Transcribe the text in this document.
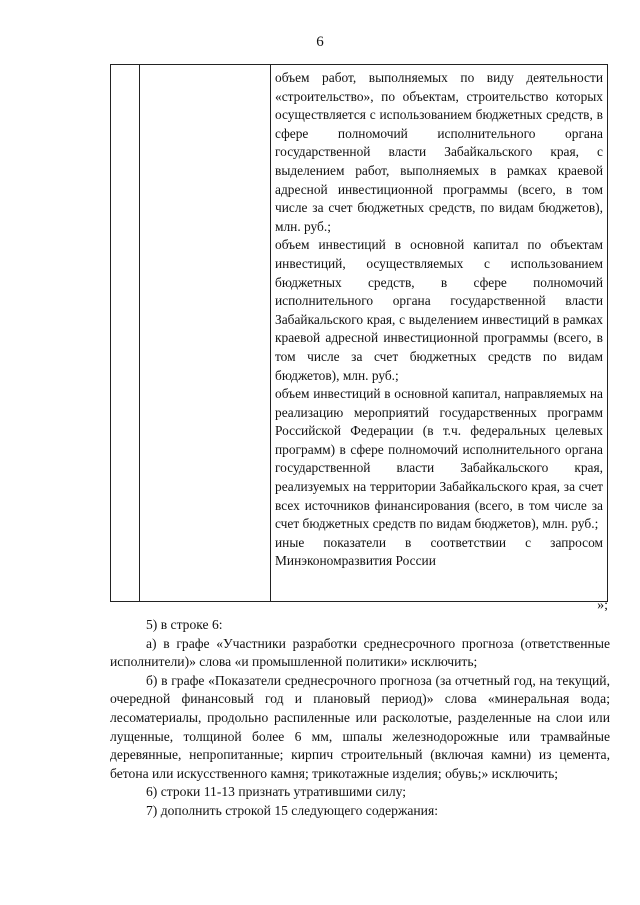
6

объем работ, выполняемых по виду деятельности «строительство», по объектам, строительство которых осуществляется с использованием бюджетных средств, в сфере полномочий исполнительного органа государственной власти Забайкальского края, с выделением работ, выполняемых в рамках краевой адресной инвестиционной программы (всего, в том числе за счет бюджетных средств, по видам бюджетов), млн. руб.;

объем инвестиций в основной капитал по объектам инвестиций, осуществляемых с использованием бюджетных средств, в сфере полномочий исполнительного органа государственной власти Забайкальского края, с выделением инвестиций в рамках краевой адресной инвестиционной программы (всего, в том числе за счет бюджетных средств по видам бюджетов), млн. руб.;

объем инвестиций в основной капитал, направляемых на реализацию мероприятий государственных программ Российской Федерации (в т.ч. федеральных целевых программ) в сфере полномочий исполнительного органа государственной власти Забайкальского края, реализуемых на территории Забайкальского края, за счет всех источников финансирования (всего, в том числе за счет бюджетных средств по видам бюджетов), млн. руб.;

иные показатели в соответствии с запросом Минэкономразвития России

»;

5) в строке 6:

а) в графе «Участники разработки среднесрочного прогноза (ответственные исполнители)» слова «и промышленной политики» исключить;

б) в графе «Показатели среднесрочного прогноза (за отчетный год, на текущий, очередной финансовый год и плановый период)» слова «минеральная вода; лесоматериалы, продольно распиленные или расколотые, разделенные на слои или лущенные, толщиной более 6 мм, шпалы железнодорожные или трамвайные деревянные, непропитанные; кирпич строительный (включая камни) из цемента, бетона или искусственного камня; трикотажные изделия; обувь;» исключить;

6) строки 11-13 признать утратившими силу;

7) дополнить строкой 15 следующего содержания:
